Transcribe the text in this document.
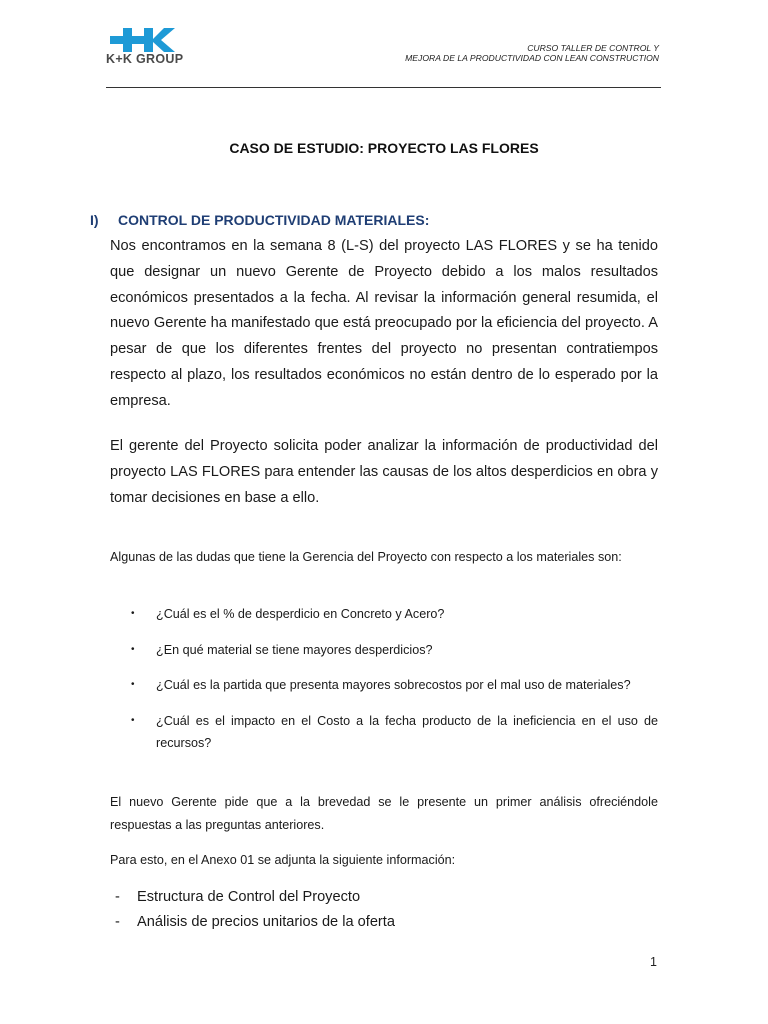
K+K GROUP
CURSO TALLER DE CONTROL Y
MEJORA DE LA PRODUCTIVIDAD CON LEAN CONSTRUCTION
CASO DE ESTUDIO: PROYECTO LAS FLORES
I) CONTROL DE PRODUCTIVIDAD MATERIALES:
Nos encontramos en la semana 8 (L-S) del proyecto LAS FLORES y se ha tenido que designar un nuevo Gerente de Proyecto debido a los malos resultados económicos presentados a la fecha. Al revisar la información general resumida, el nuevo Gerente ha manifestado que está preocupado por la eficiencia del proyecto. A pesar de que los diferentes frentes del proyecto no presentan contratiempos respecto al plazo, los resultados económicos no están dentro de lo esperado por la empresa.
El gerente del Proyecto solicita poder analizar la información de productividad del proyecto LAS FLORES para entender las causas de los altos desperdicios en obra y tomar decisiones en base a ello.
Algunas de las dudas que tiene la Gerencia del Proyecto con respecto a los materiales son:
• ¿Cuál es el % de desperdicio en Concreto y Acero?
• ¿En qué material se tiene mayores desperdicios?
• ¿Cuál es la partida que presenta mayores sobrecostos por el mal uso de materiales?
• ¿Cuál es el impacto en el Costo a la fecha producto de la ineficiencia en el uso de recursos?
El nuevo Gerente pide que a la brevedad se le presente un primer análisis ofreciéndole respuestas a las preguntas anteriores.
Para esto, en el Anexo 01 se adjunta la siguiente información:
- Estructura de Control del Proyecto
- Análisis de precios unitarios de la oferta
1
